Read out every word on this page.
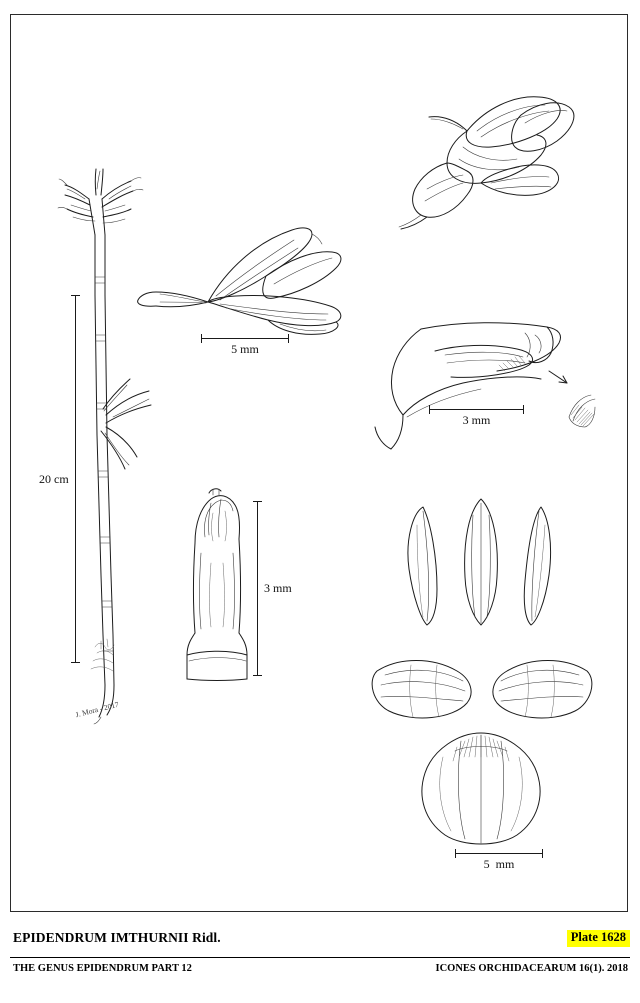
20 cm
5 mm
3 mm
3 mm
5  mm
J. Mora - 2017
EPIDENDRUM IMTHURNII Ridl.	Plate 1628
THE GENUS EPIDENDRUM PART 12	ICONES ORCHIDACEARUM 16(1). 2018
